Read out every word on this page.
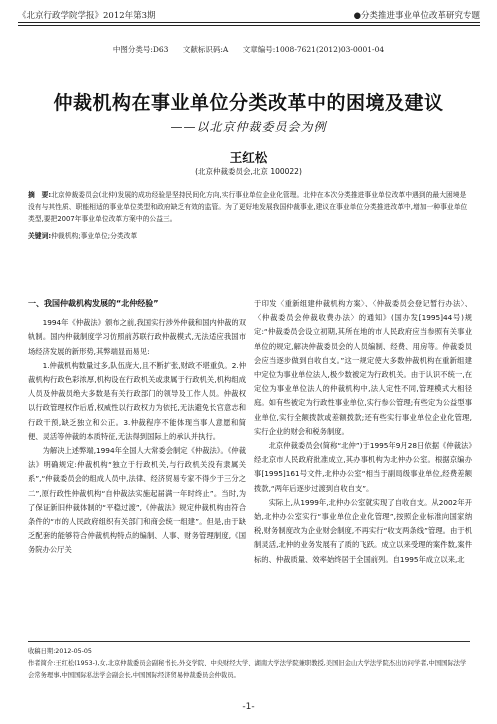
《北京行政学院学报》2012年第3期	●分类推进事业单位改革研究专题
中图分类号:D63 文献标识码:A 文章编号:1008-7621(2012)03-0001-04
仲裁机构在事业单位分类改革中的困境及建议
——以北京仲裁委员会为例
王红松
(北京仲裁委员会,北京 100022)
摘　要:北京仲裁委员会(北仲)发展的成功经验是坚持民间化方向,实行事业单位企业化管理。北仲在本次分类推进事业单位改革中遇到的最大困境是没有与其性质、职能相适的事业单位类型和政府缺乏有效的监管。为了更好地发展我国仲裁事业,建议在事业单位分类推进改革中,增加一种事业单位类型,要把2007年事业单位改革方案中的公益三。
关键词:仲裁机构;事业单位;分类改革

一、我国仲裁机构发展的“北仲经验”

1994年《仲裁法》颁布之前,我国实行涉外仲裁和国内仲裁的双轨制。国内仲裁制度学习仿照前苏联行政仲裁模式,无法适应我国市场经济发展的新形势,其弊端显而易见:

1.仲裁机构数量过多,队伍庞大,且不断扩张,财政不堪重负。2.仲裁机构行政色彩浓厚,机构设在行政机关或隶属于行政机关,机构组成人员及仲裁员绝大多数是有关行政部门的领导及工作人员。仲裁权以行政管理权作后盾,权威性以行政权力为依托,无法避免长官意志和行政干预,缺乏独立和公正。3.仲裁程序不能体现当事人意愿和简便、灵活等仲裁的本质特征,无法得到国际上的承认并执行。

为解决上述弊端,1994年全国人大常委会制定《仲裁法》。《仲裁法》明确规定:仲裁机构“独立于行政机关,与行政机关没有隶属关系”,“仲裁委员会的组成人员中,法律、经济贸易专家不得少于三分之二”,原行政性仲裁机构“自仲裁法实施起届满一年时终止”。当时,为了保证新旧仲裁体制的“平稳过渡”,《仲裁法》规定仲裁机构由符合条件的“市的人民政府组织有关部门和商会统一组建”。但是,由于缺乏配套的能够符合仲裁机构特点的编制、人事、财务管理制度,《国务院办公厅关

于印发〈重新组建仲裁机构方案〉、〈仲裁委员会登记暂行办法〉、〈仲裁委员会仲裁收费办法〉的通知》(国办发[1995]44号)规定:“仲裁委员会设立初期,其所在地的市人民政府应当参照有关事业单位的规定,解决仲裁委员会的人员编制、经费、用房等。仲裁委员会应当逐步做到自收自支。”这一规定使大多数仲裁机构在重新组建中定位为事业单位法人,极少数被定为行政机关。由于认识不统一,在定位为事业单位法人的仲裁机构中,法人定性不同,管理模式大相径庭。如有些被定为行政性事业单位,实行参公管理;有些定为公益型事业单位,实行全额拨款或差额拨款;还有些实行事业单位企业化管理,实行企业的财会和税务制度。

北京仲裁委员会(简称“北仲”)于1995年9月28日依据《仲裁法》经北京市人民政府批准成立,其办事机构为北仲办公室。根据京编办事[1995]161号文件,北仲办公室“相当于副局级事业单位,经费差额拨款,“两年后逐步过渡到自收自支”。

实际上,从1999年,北仲办公室就实现了自收自支。从2002年开始,北仲办公室实行“事业单位企业化管理”,按照企业标准向国家纳税,财务制度改为企业财会制度,不再实行“收支两条线”管理。由于机制灵活,北仲的业务发展有了质的飞跃。成立以来受理的案件数,案件标的、仲裁质量、效率始终居于全国前列。自1995年成立以来,北

收稿日期:2012-05-05

作者简介:王红松(1953-),女,北京仲裁委员会副秘书长,外交学院、中央财经大学、湖南大学法学院兼职教授,美国旧金山大学法学院杰出访问学者,中国国际法学会常务理事,中国国际私法学会副会长,中国国际经济贸易仲裁委员会仲裁员。

-1-
